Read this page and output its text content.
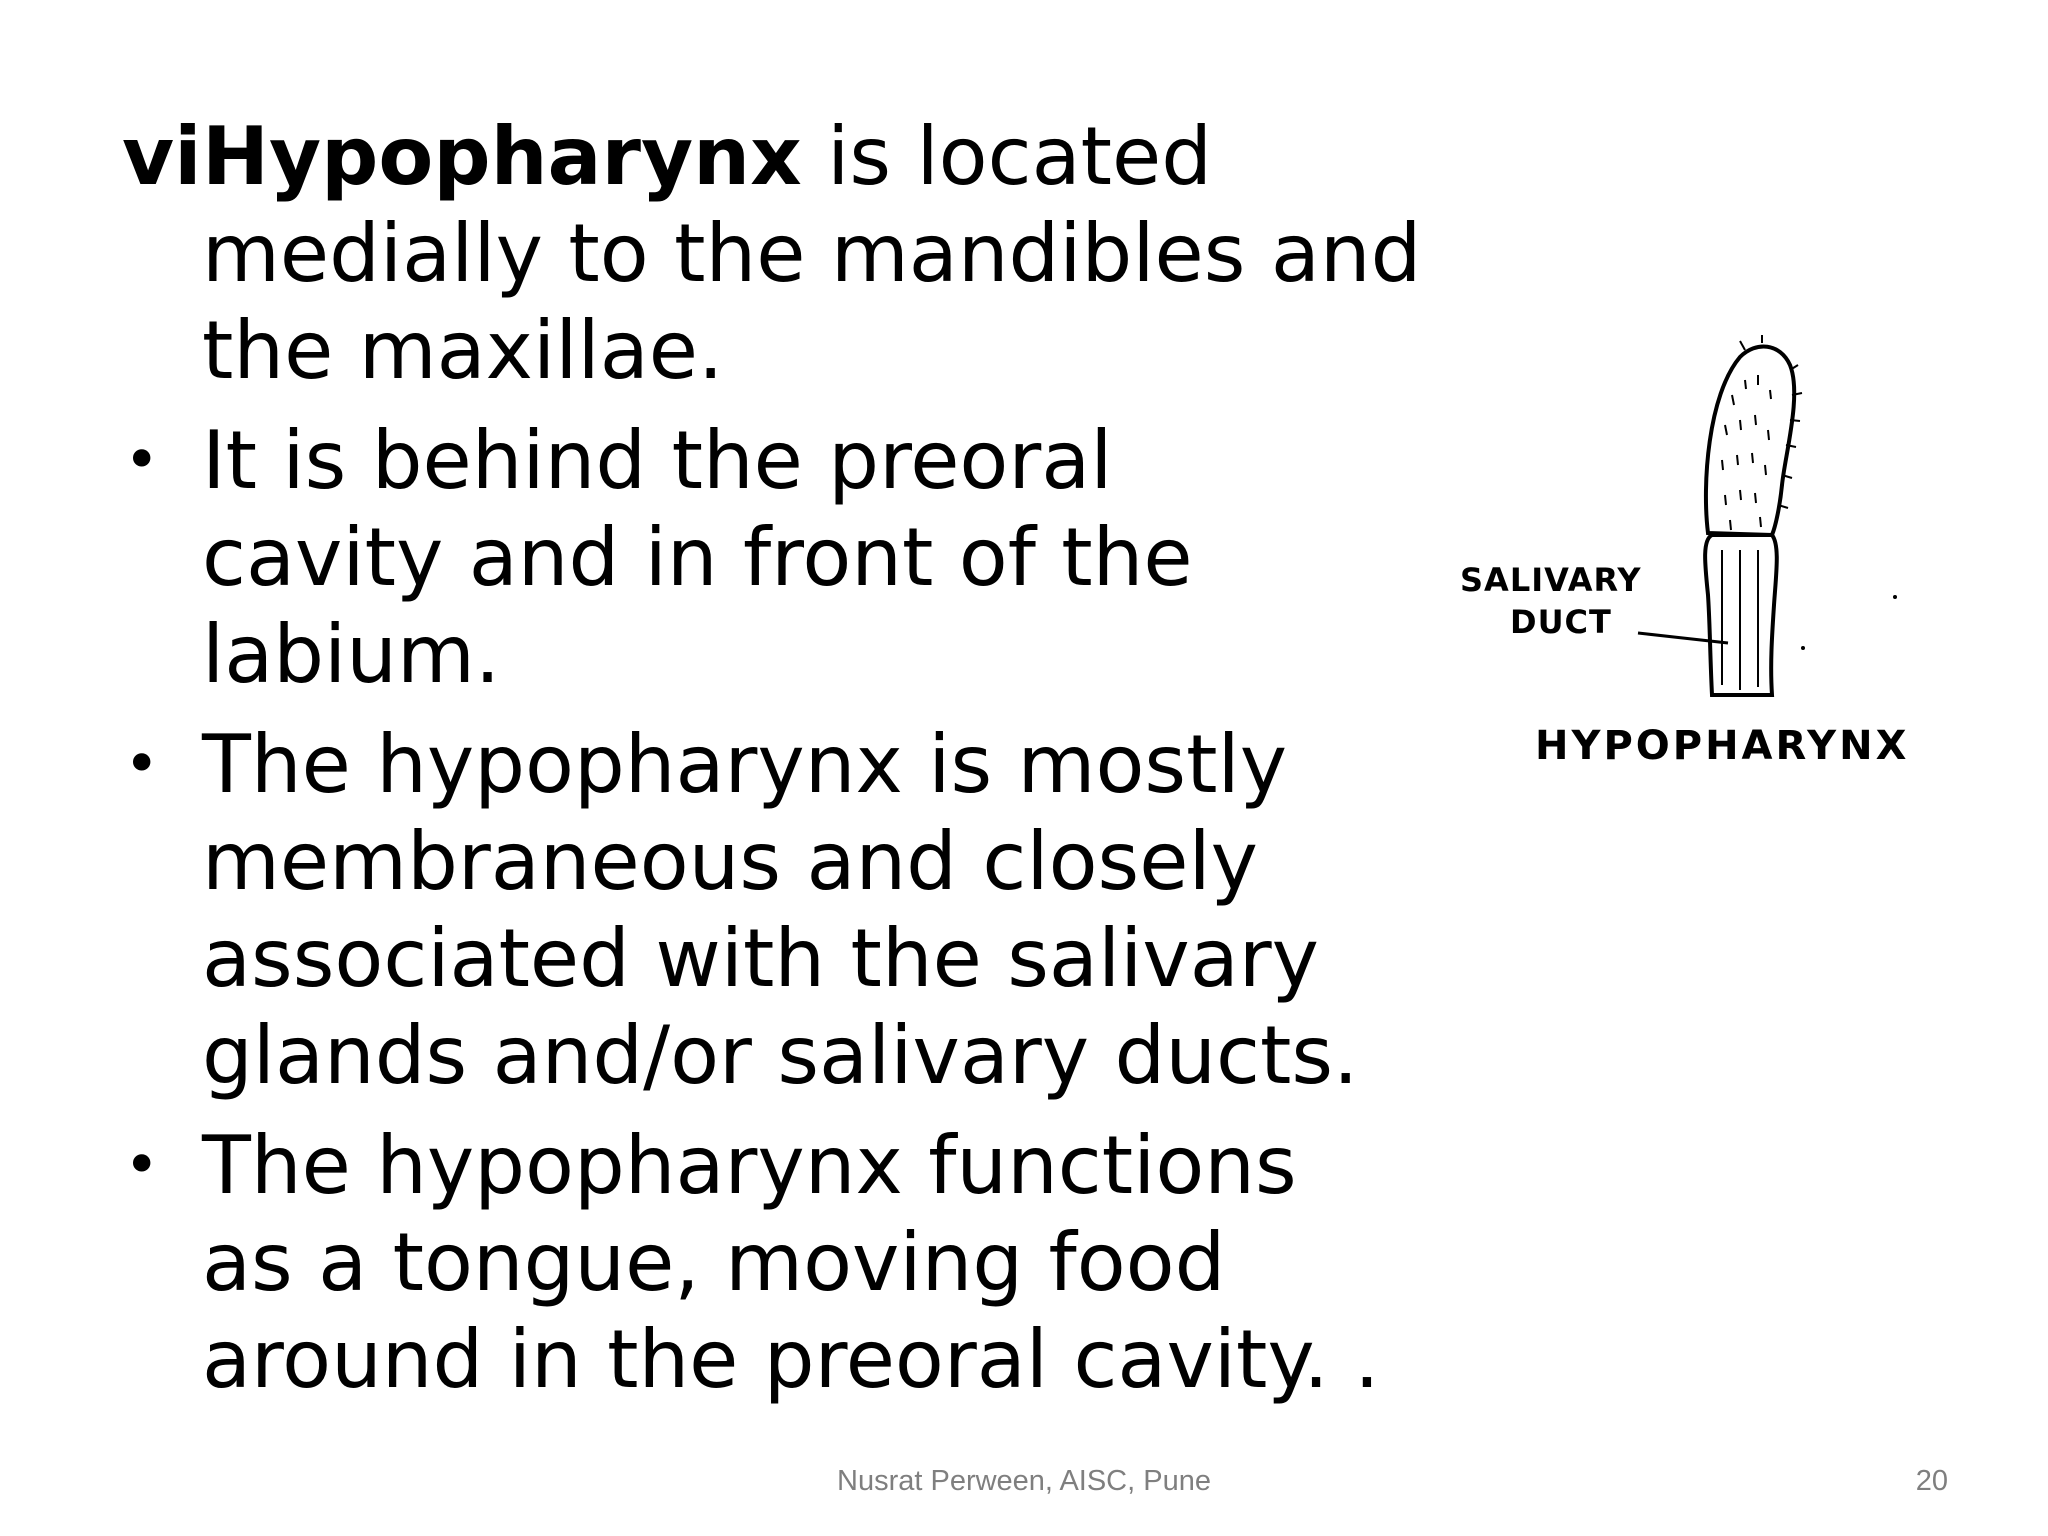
vi.
Hypopharynx is located
medially to the mandibles and
the maxillae.
• It is behind the preoral
cavity and in front of the
labium.
• The hypopharynx is mostly
membraneous and closely
associated with the salivary
glands and/or salivary ducts.
• The hypopharynx functions
as a tongue, moving food
around in the preoral cavity. .
SALIVARY
DUCT
HYPOPHARYNX
Nusrat Perween, AISC, Pune	20
